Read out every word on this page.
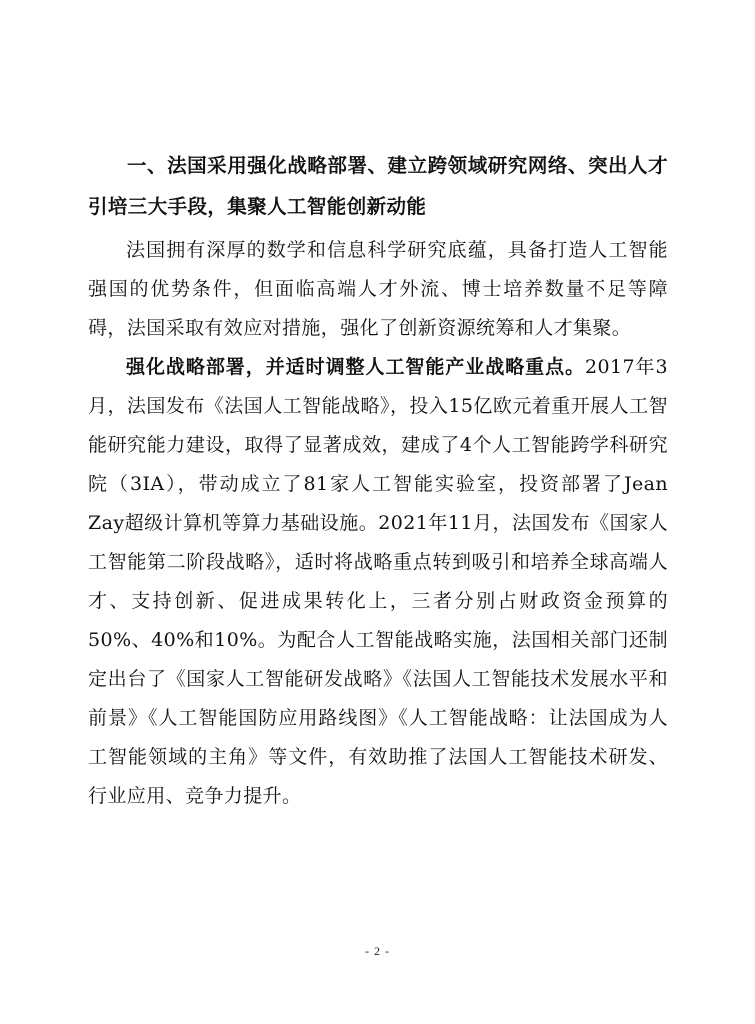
一、法国采用强化战略部署、建立跨领域研究网络、突出人才引培三大手段，集聚人工智能创新动能

法国拥有深厚的数学和信息科学研究底蕴，具备打造人工智能强国的优势条件，但面临高端人才外流、博士培养数量不足等障碍，法国采取有效应对措施，强化了创新资源统筹和人才集聚。

强化战略部署，并适时调整人工智能产业战略重点。2017年3月，法国发布《法国人工智能战略》，投入15亿欧元着重开展人工智能研究能力建设，取得了显著成效，建成了4个人工智能跨学科研究院（3IA），带动成立了81家人工智能实验室，投资部署了Jean Zay超级计算机等算力基础设施。2021年11月，法国发布《国家人工智能第二阶段战略》，适时将战略重点转到吸引和培养全球高端人才、支持创新、促进成果转化上，三者分别占财政资金预算的50%、40%和10%。为配合人工智能战略实施，法国相关部门还制定出台了《国家人工智能研发战略》《法国人工智能技术发展水平和前景》《人工智能国防应用路线图》《人工智能战略：让法国成为人工智能领域的主角》等文件，有效助推了法国人工智能技术研发、行业应用、竞争力提升。

- 2 -
